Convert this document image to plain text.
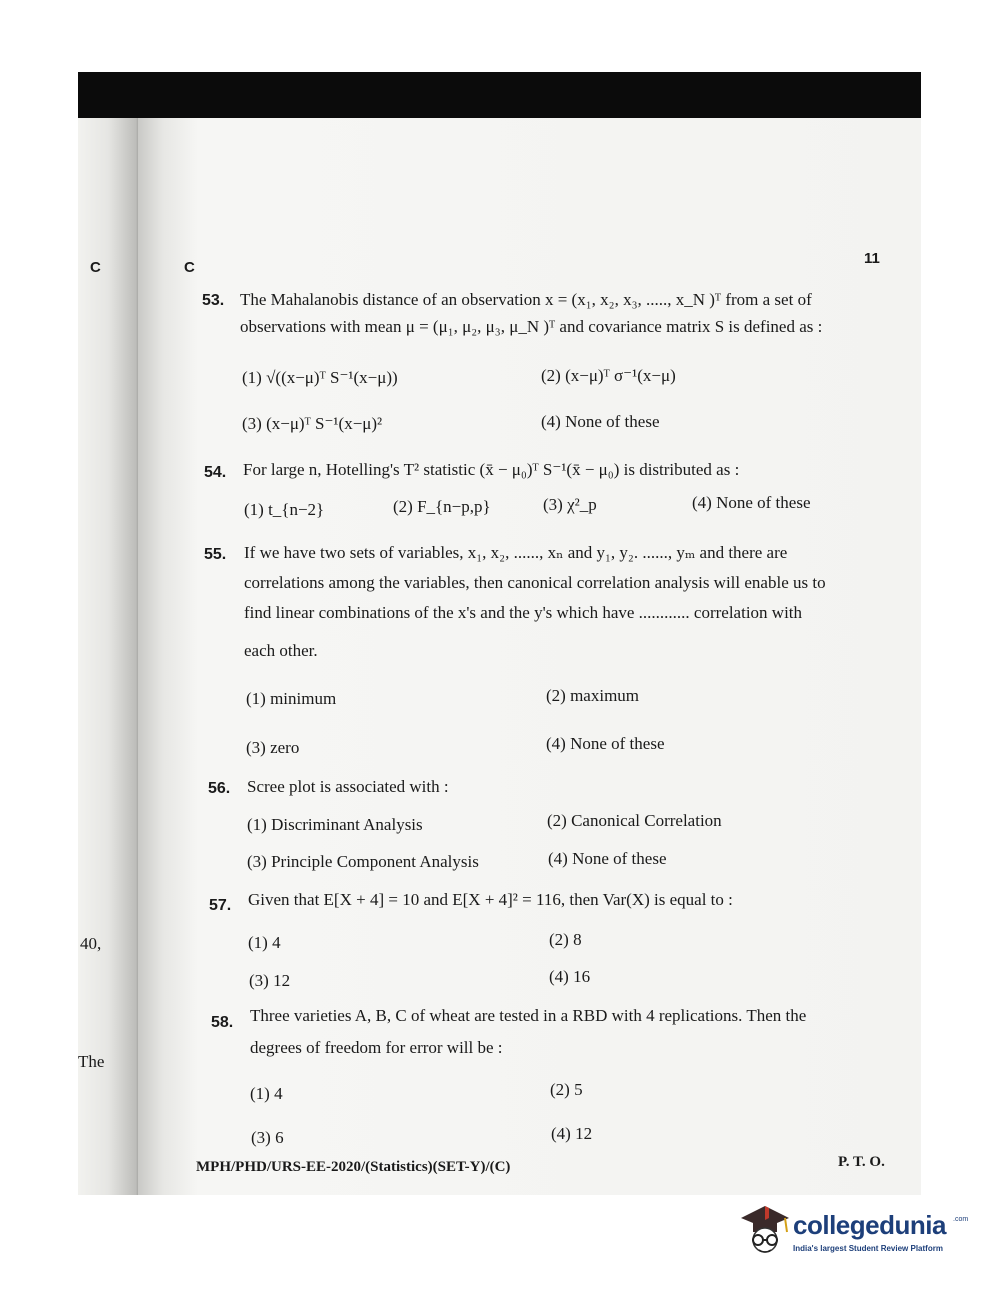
C	C
11
40,
The
53. The Mahalanobis distance of an observation x = (x₁, x₂, x₃, ....., x_N )ᵀ from a set of
observations with mean μ = (μ₁, μ₂, μ₃, μ_N )ᵀ and covariance matrix S is defined as :
(1) √((x−μ)ᵀ S⁻¹(x−μ))	(2) (x−μ)ᵀ σ⁻¹(x−μ)
(3) (x−μ)ᵀ S⁻¹(x−μ)²	(4) None of these
54. For large n, Hotelling's T² statistic (x̄ − μ₀)ᵀ S⁻¹(x̄ − μ₀) is distributed as :
(1) t_{n−2}	(2) F_{n−p,p}	(3) χ²_p	(4) None of these
55. If we have two sets of variables, x₁, x₂, ......, xₙ and y₁, y₂. ......, yₘ and there are
correlations among the variables, then canonical correlation analysis will enable us to
find linear combinations of the x's and the y's which have ............ correlation with
each other.
(1) minimum	(2) maximum
(3) zero	(4) None of these
56. Scree plot is associated with :
(1) Discriminant Analysis	(2) Canonical Correlation
(3) Principle Component Analysis	(4) None of these
57. Given that E[X + 4] = 10 and E[X + 4]² = 116, then Var(X) is equal to :
(1) 4	(2) 8
(3) 12	(4) 16
58. Three varieties A, B, C of wheat are tested in a RBD with 4 replications. Then the
degrees of freedom for error will be :
(1) 4	(2) 5
(3) 6	(4) 12
MPH/PHD/URS-EE-2020/(Statistics)(SET-Y)/(C)	P. T. O.
collegedunia .com
India's largest Student Review Platform
